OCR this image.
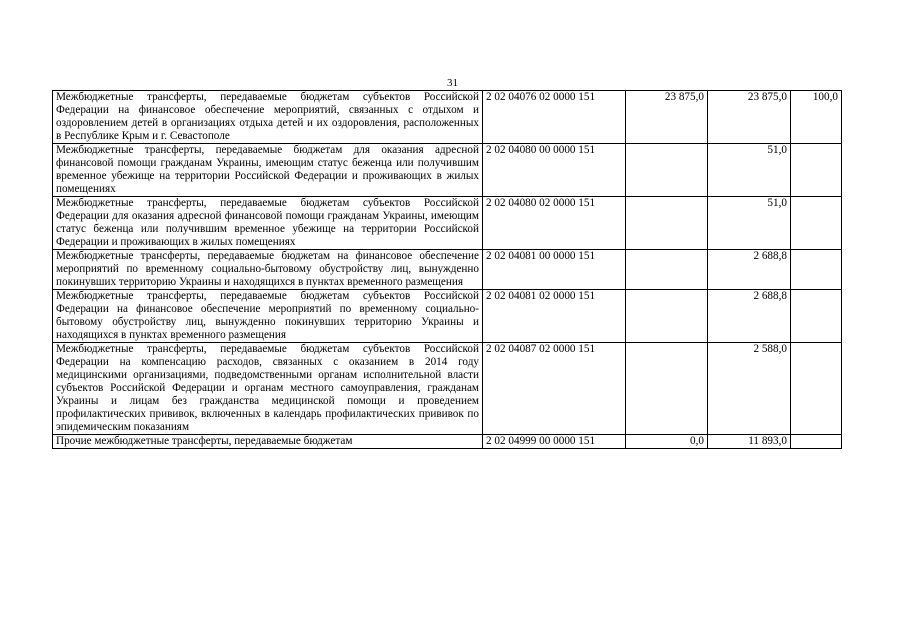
31
Межбюджетные трансферты, передаваемые бюджетам субъектов Российской Федерации на финансовое обеспечение мероприятий, связанных с отдыхом и оздоровлением детей в организациях отдыха детей и их оздоровления, расположенных в Республике Крым и г. Севастополе	2 02 04076 02 0000 151	23 875,0	23 875,0	100,0
Межбюджетные трансферты, передаваемые бюджетам для оказания адресной финансовой помощи гражданам Украины, имеющим статус беженца или получившим временное убежище на территории Российской Федерации и проживающих в жилых помещениях	2 02 04080 00 0000 151		51,0	
Межбюджетные трансферты, передаваемые бюджетам субъектов Российской Федерации для оказания адресной финансовой помощи гражданам Украины, имеющим статус беженца или получившим временное убежище на территории Российской Федерации и проживающих в жилых помещениях	2 02 04080 02 0000 151		51,0	
Межбюджетные трансферты, передаваемые бюджетам на финансовое обеспечение мероприятий по временному социально-бытовому обустройству лиц, вынужденно покинувших территорию Украины и находящихся в пунктах временного размещения	2 02 04081 00 0000 151		2 688,8	
Межбюджетные трансферты, передаваемые бюджетам субъектов Российской Федерации на финансовое обеспечение мероприятий по временному социально-бытовому обустройству лиц, вынужденно покинувших территорию Украины и находящихся в пунктах временного размещения	2 02 04081 02 0000 151		2 688,8	
Межбюджетные трансферты, передаваемые бюджетам субъектов Российской Федерации на компенсацию расходов, связанных с оказанием в 2014 году медицинскими организациями, подведомственными органам исполнительной власти субъектов Российской Федерации и органам местного самоуправления, гражданам Украины и лицам без гражданства медицинской помощи и проведением профилактических прививок, включенных в календарь профилактических прививок по эпидемическим показаниям	2 02 04087 02 0000 151		2 588,0	
Прочие межбюджетные трансферты, передаваемые бюджетам	2 02 04999 00 0000 151	0,0	11 893,0	
